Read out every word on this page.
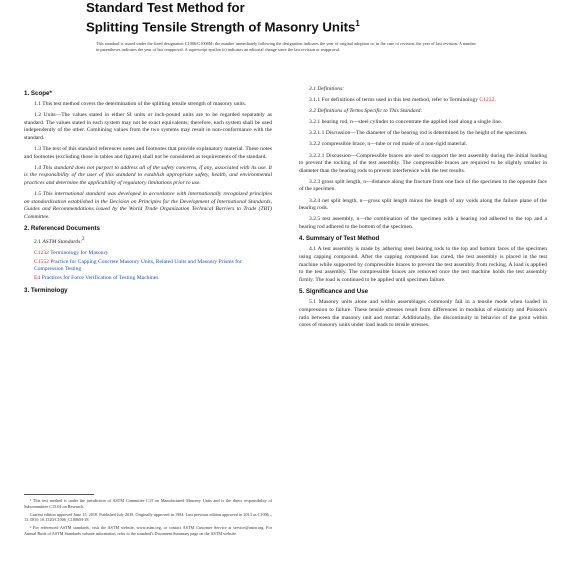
Standard Test Method for
Splitting Tensile Strength of Masonry Units$^1$
This standard is issued under the fixed designation C1006/C1006M; the number immediately following the designation indicates the year of original adoption or, in the case of revision, the year of last revision. A number in parentheses indicates the year of last reapproval. A superscript epsilon (ε) indicates an editorial change since the last revision or reapproval.
1. Scope*
1.1 This test method covers the determination of the splitting tensile strength of masonry units.
1.2 Units—The values stated in either SI units or inch-pound units are to be regarded separately as standard. The values stated in each system may not be exact equivalents; therefore, each system shall be used independently of the other. Combining values from the two systems may result in non-conformance with the standard.
1.3 The text of this standard references notes and footnotes that provide explanatory material. These notes and footnotes (excluding those in tables and figures) shall not be considered as requirements of the standard.
1.4 This standard does not purport to address all of the safety concerns, if any, associated with its use. It is the responsibility of the user of this standard to establish appropriate safety, health, and environmental practices and determine the applicability of regulatory limitations prior to use.
1.5 This international standard was developed in accordance with internationally recognized principles on standardization established in the Decision on Principles for the Development of International Standards, Guides and Recommendations issued by the World Trade Organization Technical Barriers to Trade (TBT) Committee.
2. Referenced Documents
2.1 ASTM Standards:$^2$
C1232 Terminology for Masonry
C1552 Practice for Capping Concrete Masonry Units, Related Units and Masonry Prisms for Compression Testing
E4 Practices for Force Verification of Testing Machines
3. Terminology
¹ This test method is under the jurisdiction of ASTM Committee C15 on Manufactured Masonry Units and is the direct responsibility of Subcommittee C15.04 on Research.
Current edition approved June 15, 2018. Published July 2018. Originally approved in 1984. Last previous edition approved in 2013 as C1006 – 13. DOI: 10.1520/C1006_C1006M-18.
² For referenced ASTM standards, visit the ASTM website, www.astm.org, or contact ASTM Customer Service at service@astm.org. For Annual Book of ASTM Standards volume information, refer to the standard's Document Summary page on the ASTM website.
3.1 Definitions:
3.1.1 For definitions of terms used in this test method, refer to Terminology C1232.
3.2 Definitions of Terms Specific to This Standard:
3.2.1 bearing rod, n—steel cylinder to concentrate the applied load along a single line.
3.2.1.1 Discussion—The diameter of the bearing rod is determined by the height of the specimen.
3.2.2 compressible brace, n—tube or rod made of a non-rigid material.
3.2.2.1 Discussion—Compressible braces are used to support the test assembly during the initial loading to prevent the rocking of the test assembly. The compressible braces are required to be slightly smaller in diameter than the bearing rods to prevent interference with the test results.
3.2.3 gross split length, n—distance along the fracture from one face of the specimen to the opposite face of the specimen.
3.2.4 net split length, n—gross split length minus the length of any voids along the failure plane of the bearing rods.
3.2.5 test assembly, n—the combination of the specimen with a bearing rod adhered to the top and a bearing rod adhered to the bottom of the specimen.
4. Summary of Test Method
4.1 A test assembly is made by adhering steel bearing rods to the top and bottom faces of the specimen using capping compound. After the capping compound has cured, the test assembly is placed in the test machine while supported by compressible braces to prevent the test assembly from rocking. A load is applied to the test assembly. The compressible braces are removed once the test machine holds the test assembly firmly. The load is continued to be applied until specimen failure.
5. Significance and Use
5.1 Masonry units alone and within assemblages commonly fail in a tensile mode when loaded in compression to failure. These tensile stresses result from differences in modulus of elasticity and Poisson's ratio between the masonry unit and mortar. Additionally, the discontinuity in behavior of the grout within cores of masonry units under load leads to tensile stresses.
